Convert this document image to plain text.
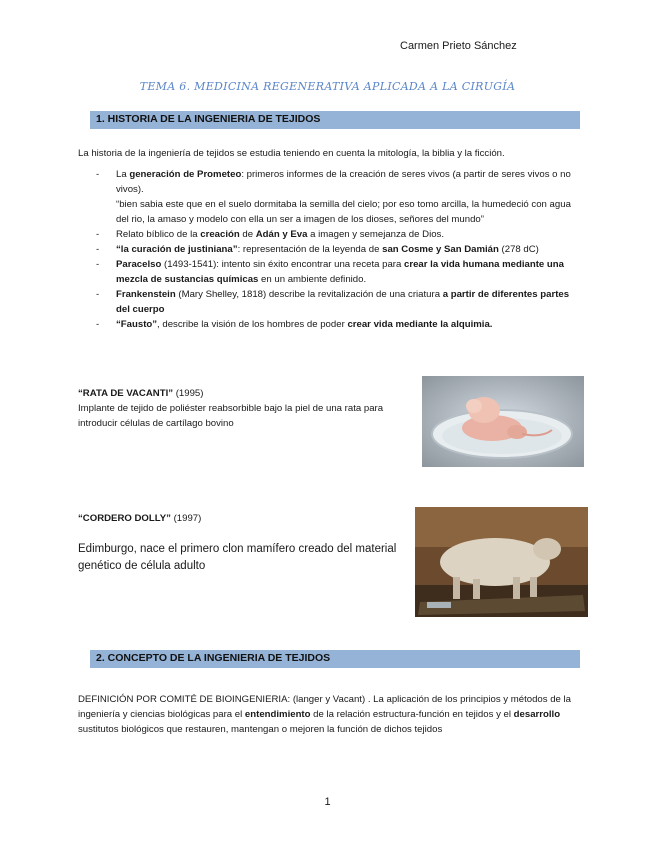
Carmen Prieto Sánchez
TEMA 6. MEDICINA REGENERATIVA APLICADA A LA CIRUGÍA
1. HISTORIA DE LA INGENIERIA DE TEJIDOS

La historia de la ingeniería de tejidos se estudia teniendo en cuenta la mitología, la biblia y la ficción.

- La generación de Prometeo: primeros informes de la creación de seres vivos (a partir de seres vivos o no vivos).
“bien sabia este que en el suelo dormitaba la semilla del cielo; por eso tomo arcilla, la humedeció con agua del rio, la amaso y modelo con ella un ser a imagen de los dioses, señores del mundo”
- Relato bíblico de la creación de Adán y Eva a imagen y semejanza de Dios.
- “la curación de justiniana”: representación de la leyenda de san Cosme y San Damián (278 dC)
- Paracelso (1493-1541): intento sin éxito encontrar una receta para crear la vida humana mediante una mezcla de sustancias químicas en un ambiente definido.
- Frankenstein (Mary Shelley, 1818) describe la revitalización de una criatura a partir de diferentes partes del cuerpo
- “Fausto”, describe la visión de los hombres de poder crear vida mediante la alquimia.

“RATA DE VACANTI” (1995)

Implante de tejido de poliéster reabsorbible bajo la piel de una rata para introducir células de cartílago bovino

“CORDERO DOLLY” (1997)

Edimburgo, nace el primero clon mamífero creado del material genético de célula adulto

2. CONCEPTO DE LA INGENIERIA DE TEJIDOS

DEFINICIÓN POR COMITÉ DE BIOINGENIERIA: (langer y Vacant) . La aplicación de los principios y métodos de la ingeniería y ciencias biológicas para el entendimiento de la relación estructura-función en tejidos y el desarrollo sustitutos biológicos que restauren, mantengan o mejoren la función de dichos tejidos

1
